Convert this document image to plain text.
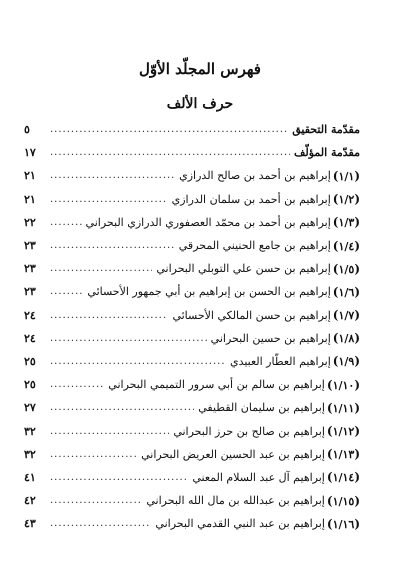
فهرس المجلّد الأوّل
حرف الألف
مقدّمة التحقيق
.....
٥
مقدّمة المؤلّف
.....
١٧
(١/١)
إبراهيم بن أحمد بن صالح الدرازي
.....
٢١
(١/٢)
إبراهيم بن أحمد بن سلمان الدرازي
.....
٢١
(١/٣)
إبراهيم بن أحمد بن محمّد العصفوري الدرازي البحراني
.....
٢٢
(١/٤)
إبراهيم بن جامع الحنيني المحرقي
.....
٢٣
(١/٥)
إبراهيم بن حسن علي التوبلي البحراني
.....
٢٣
(١/٦)
إبراهيم بن الحسن بن إبراهيم بن أبي جمهور الأحسائي
.....
٢٣
(١/٧)
إبراهيم بن حسن المالكي الأحسائي
.....
٢٤
(١/٨)
إبراهيم بن حسين البحراني
.....
٢٤
(١/٩)
إبراهيم العطّار العبيدي
.....
٢٥
(١/١٠)
إبراهيم بن سالم بن أبي سرور التميمي البحراني
.....
٢٥
(١/١١)
إبراهيم بن سليمان القطيفي
.....
٢٧
(١/١٢)
إبراهيم بن صالح بن حرز البحراني
.....
٣٢
(١/١٣)
إبراهيم بن عبد الحسين العريض البحراني
.....
٣٢
(١/١٤)
إبراهيم آل عبد السلام المعني
.....
٤١
(١/١٥)
إبراهيم بن عبدالله بن مال الله البحراني
.....
٤٢
(١/١٦)
إبراهيم بن عبد النبي القدمي البحراني
.....
٤٣
